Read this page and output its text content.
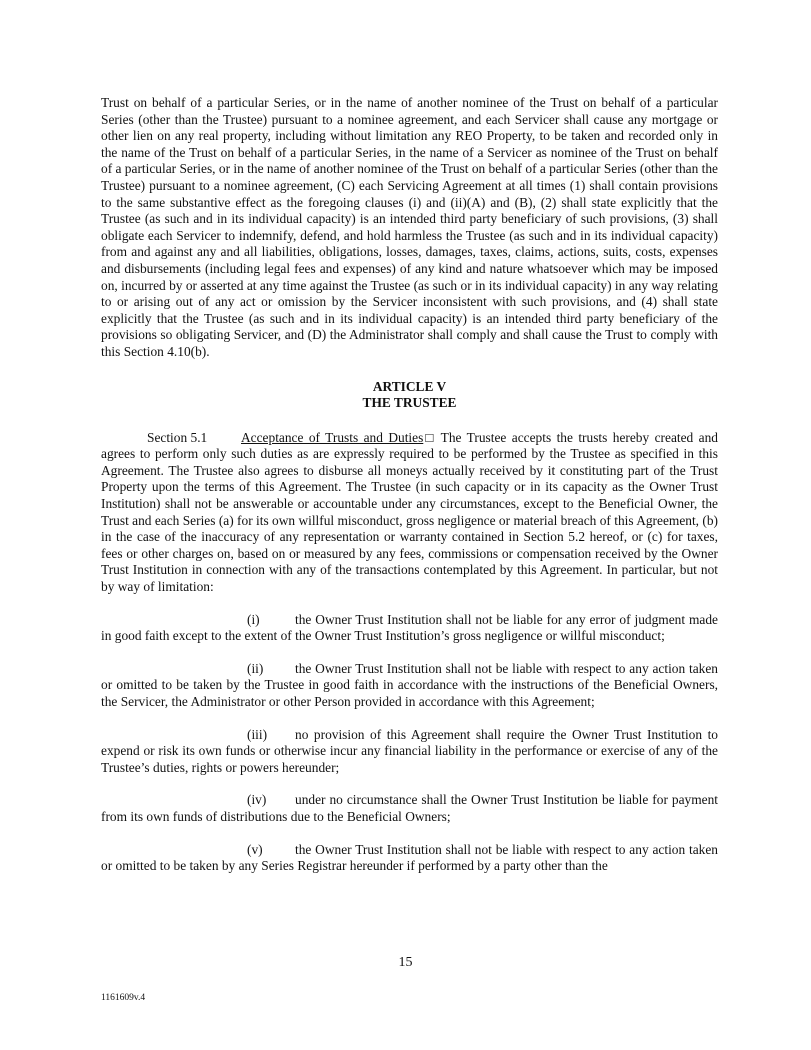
Trust on behalf of a particular Series, or in the name of another nominee of the Trust on behalf of a particular Series (other than the Trustee) pursuant to a nominee agreement, and each Servicer shall cause any mortgage or other lien on any real property, including without limitation any REO Property, to be taken and recorded only in the name of the Trust on behalf of a particular Series, in the name of a Servicer as nominee of the Trust on behalf of a particular Series, or in the name of another nominee of the Trust on behalf of a particular Series (other than the Trustee) pursuant to a nominee agreement, (C) each Servicing Agreement at all times (1) shall contain provisions to the same substantive effect as the foregoing clauses (i) and (ii)(A) and (B), (2) shall state explicitly that the Trustee (as such and in its individual capacity) is an intended third party beneficiary of such provisions, (3) shall obligate each Servicer to indemnify, defend, and hold harmless the Trustee (as such and in its individual capacity) from and against any and all liabilities, obligations, losses, damages, taxes, claims, actions, suits, costs, expenses and disbursements (including legal fees and expenses) of any kind and nature whatsoever which may be imposed on, incurred by or asserted at any time against the Trustee (as such or in its individual capacity) in any way relating to or arising out of any act or omission by the Servicer inconsistent with such provisions, and (4) shall state explicitly that the Trustee (as such and in its individual capacity) is an intended third party beneficiary of the provisions so obligating Servicer, and (D) the Administrator shall comply and shall cause the Trust to comply with this Section 4.10(b).

ARTICLE V

THE TRUSTEE

Section 5.1	Acceptance of Trusts and Duties□ The Trustee accepts the trusts hereby created and agrees to perform only such duties as are expressly required to be performed by the Trustee as specified in this Agreement. The Trustee also agrees to disburse all moneys actually received by it constituting part of the Trust Property upon the terms of this Agreement. The Trustee (in such capacity or in its capacity as the Owner Trust Institution) shall not be answerable or accountable under any circumstances, except to the Beneficial Owner, the Trust and each Series (a) for its own willful misconduct, gross negligence or material breach of this Agreement, (b) in the case of the inaccuracy of any representation or warranty contained in Section 5.2 hereof, or (c) for taxes, fees or other charges on, based on or measured by any fees, commissions or compensation received by the Owner Trust Institution in connection with any of the transactions contemplated by this Agreement. In particular, but not by way of limitation:

(i)	the Owner Trust Institution shall not be liable for any error of judgment made in good faith except to the extent of the Owner Trust Institution’s gross negligence or willful misconduct;

(ii) the Owner Trust Institution shall not be liable with respect to any action taken or omitted to be taken by the Trustee in good faith in accordance with the instructions of the Beneficial Owners, the Servicer, the Administrator or other Person provided in accordance with this Agreement;

(iii) no provision of this Agreement shall require the Owner Trust Institution to expend or risk its own funds or otherwise incur any financial liability in the performance or exercise of any of the Trustee’s duties, rights or powers hereunder;

(iv) under no circumstance shall the Owner Trust Institution be liable for payment from its own funds of distributions due to the Beneficial Owners;

(v) the Owner Trust Institution shall not be liable with respect to any action taken or omitted to be taken by any Series Registrar hereunder if performed by a party other than the

15
1161609v.4
